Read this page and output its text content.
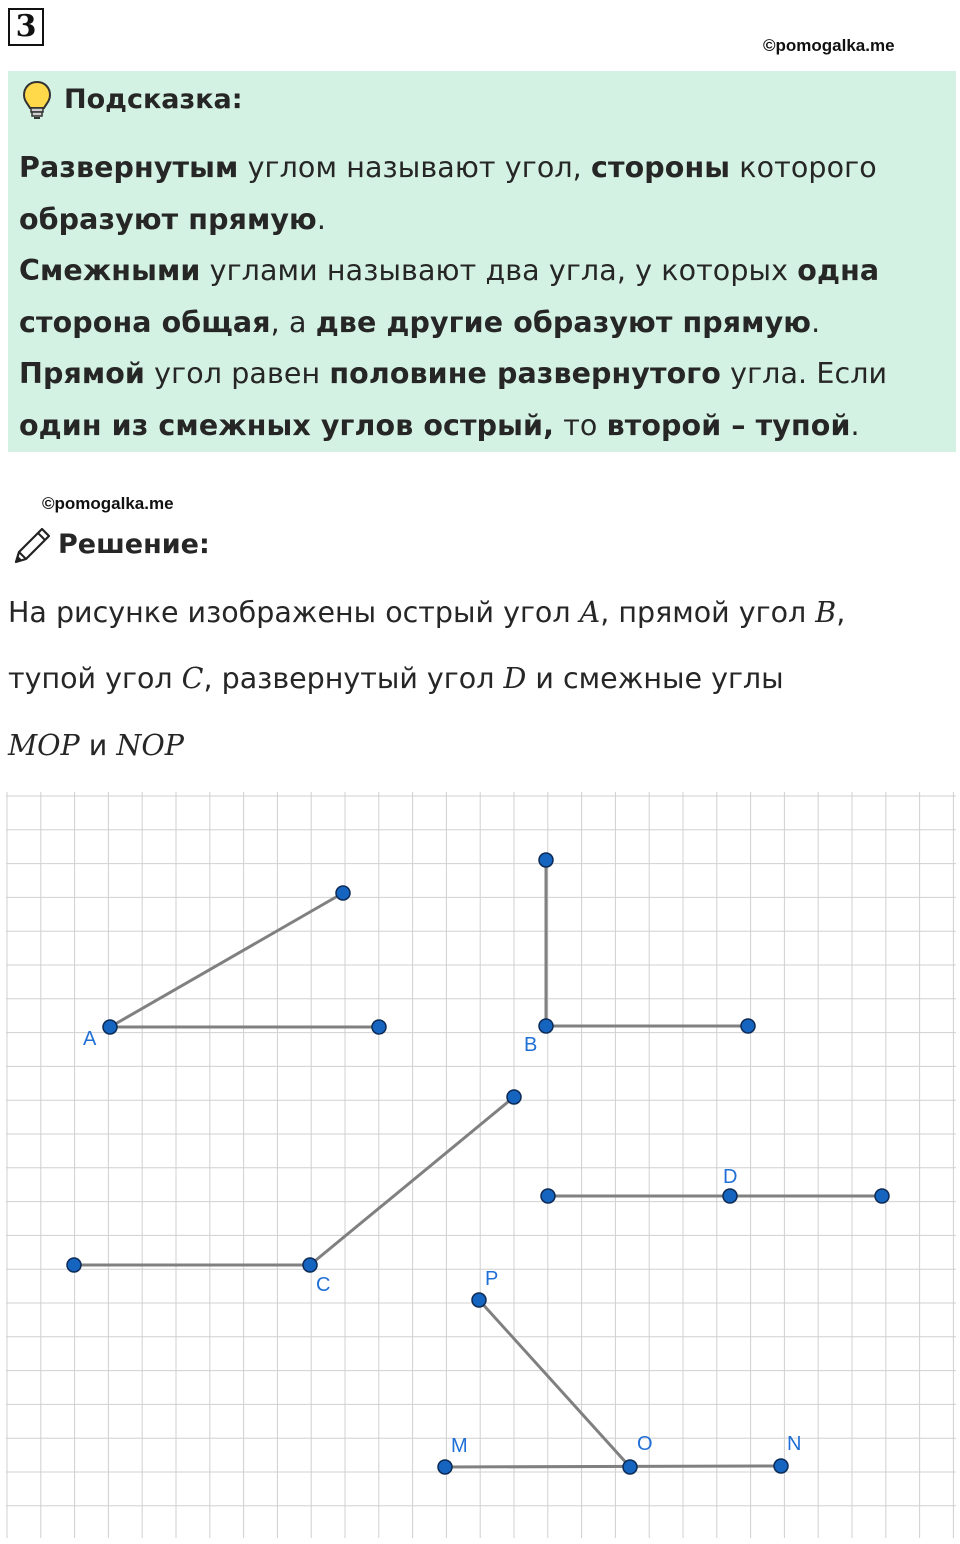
3
©pomogalka.me
Подсказка:

Развернутым углом называют угол, стороны которого образуют прямую.

Смежными углами называют два угла, у которых одна сторона общая, а две другие образуют прямую.

Прямой угол равен половине развернутого угла. Если один из смежных углов острый, то второй – тупой.

©pomogalka.me
Решение:
На рисунке изображены острый угол A, прямой угол B,
тупой угол C, развернутый угол D и смежные углы
MOP и NOP
A	B
C
D
P
M	O	N
